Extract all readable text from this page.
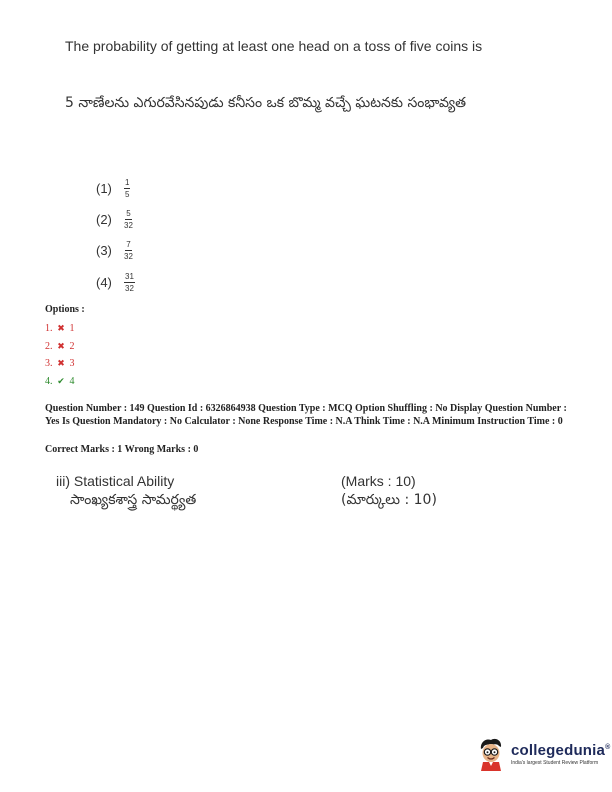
The probability of getting at least one head on a toss of five coins is
5 నాణేలను ఎగురవేసినపుడు కనీసం ఒక బొమ్మ వచ్చే ఘటనకు సంభావ్యత
(1)	$\frac{1}{5}$
(2)	$\frac{5}{32}$
(3)	$\frac{7}{32}$
(4)	$\frac{31}{32}$
Options :
1. ✖ 1
2. ✖ 2
3. ✖ 3
4. ✔ 4
Question Number : 149 Question Id : 6326864938 Question Type : MCQ Option Shuffling : No Display Question Number : Yes Is Question Mandatory : No Calculator : None Response Time : N.A Think Time : N.A Minimum Instruction Time : 0
Correct Marks : 1 Wrong Marks : 0
iii) Statistical Ability	(Marks : 10)
సాంఖ్యకశాస్త్ర సామర్థ్యత	(మార్కులు : 10)
collegedunia®
India's largest Student Review Platform
